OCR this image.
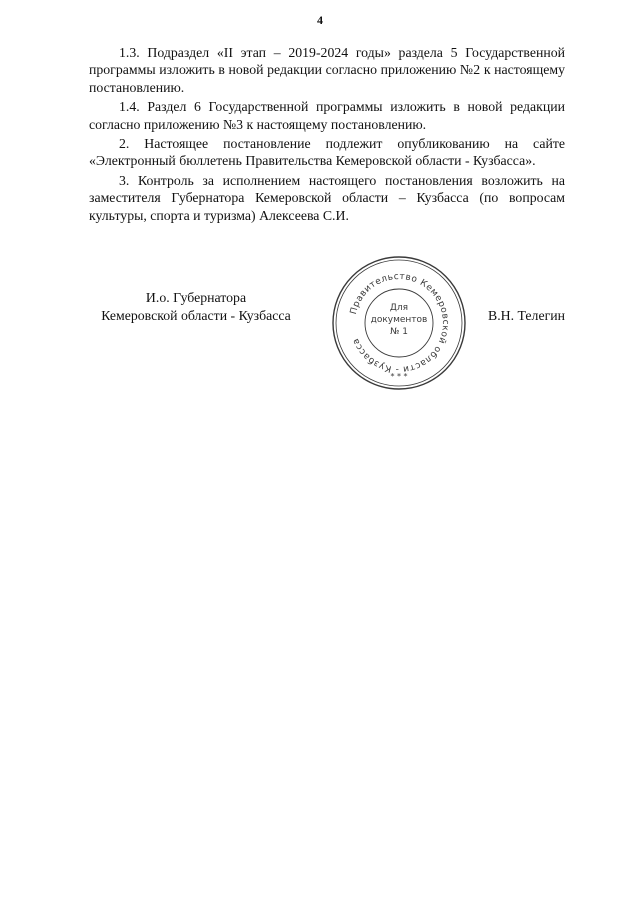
4

1.3. Подраздел «II этап – 2019-2024 годы» раздела 5 Государственной программы изложить в новой редакции согласно приложению №2 к настоящему постановлению.

1.4. Раздел 6 Государственной программы изложить в новой редакции согласно приложению №3 к настоящему постановлению.

2. Настоящее постановление подлежит опубликованию на сайте «Электронный бюллетень Правительства Кемеровской области - Кузбасса».

3. Контроль за исполнением настоящего постановления возложить на заместителя Губернатора Кемеровской области – Кузбасса (по вопросам культуры, спорта и туризма) Алексеева С.И.

И.о. Губернатора
Кемеровской области - Кузбасса	Правительство Кемеровской области - Кузбасса
Для
документов
№ 1
* * *
В.Н. Телегин
